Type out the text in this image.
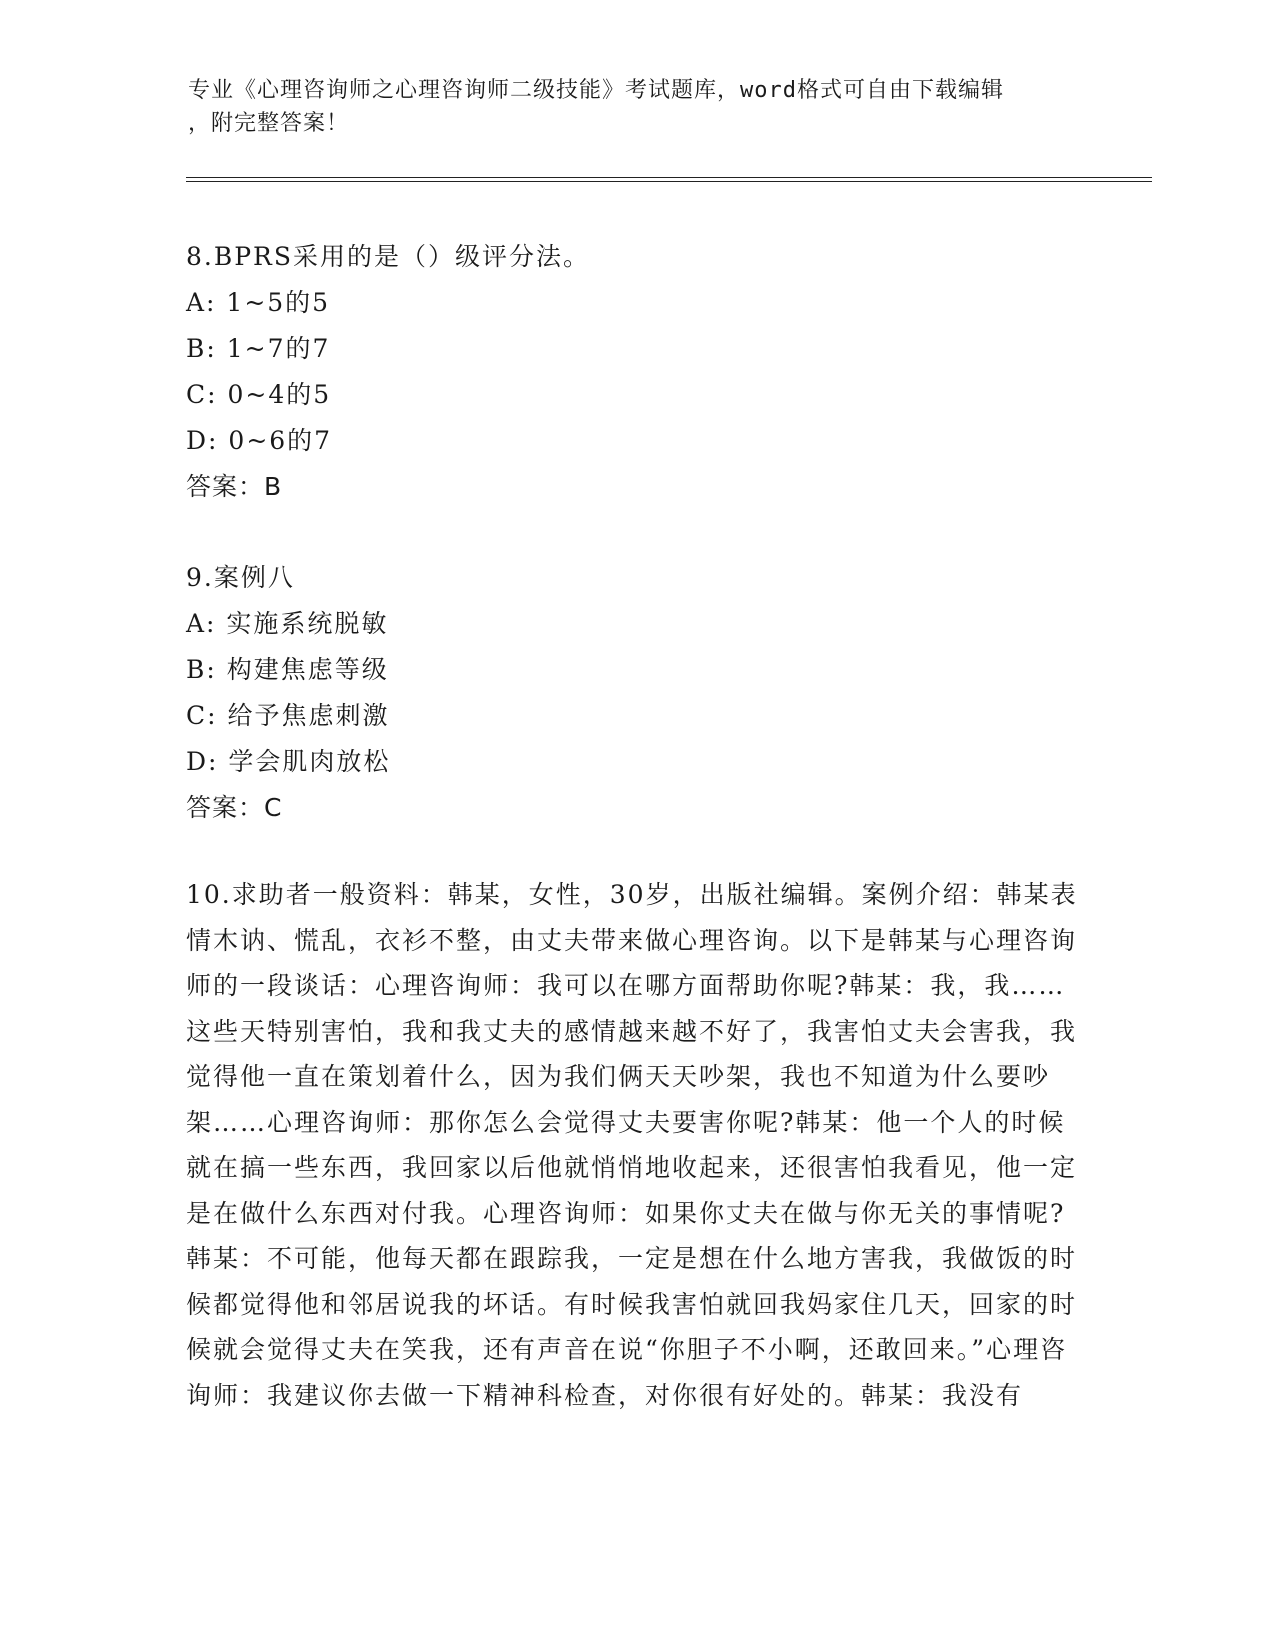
专业《心理咨询师之心理咨询师二级技能》考试题库，word格式可自由下载编辑
，附完整答案！
8.BPRS采用的是（）级评分法。
A: 1~5的5
B: 1~7的7
C: 0~4的5
D: 0~6的7
答案：B
9.案例八
A: 实施系统脱敏
B: 构建焦虑等级
C: 给予焦虑刺激
D: 学会肌肉放松
答案：C
10.求助者一般资料：韩某，女性，30岁，出版社编辑。案例介绍：韩某表情木讷、慌乱，衣衫不整，由丈夫带来做心理咨询。以下是韩某与心理咨询师的一段谈话：心理咨询师：我可以在哪方面帮助你呢?韩某：我，我……这些天特别害怕，我和我丈夫的感情越来越不好了，我害怕丈夫会害我，我觉得他一直在策划着什么，因为我们俩天天吵架，我也不知道为什么要吵架……心理咨询师：那你怎么会觉得丈夫要害你呢?韩某：他一个人的时候就在搞一些东西，我回家以后他就悄悄地收起来，还很害怕我看见，他一定是在做什么东西对付我。心理咨询师：如果你丈夫在做与你无关的事情呢?韩某：不可能，他每天都在跟踪我，一定是想在什么地方害我，我做饭的时候都觉得他和邻居说我的坏话。有时候我害怕就回我妈家住几天，回家的时候就会觉得丈夫在笑我，还有声音在说“你胆子不小啊，还敢回来。”心理咨询师：我建议你去做一下精神科检查，对你很有好处的。韩某：我没有
